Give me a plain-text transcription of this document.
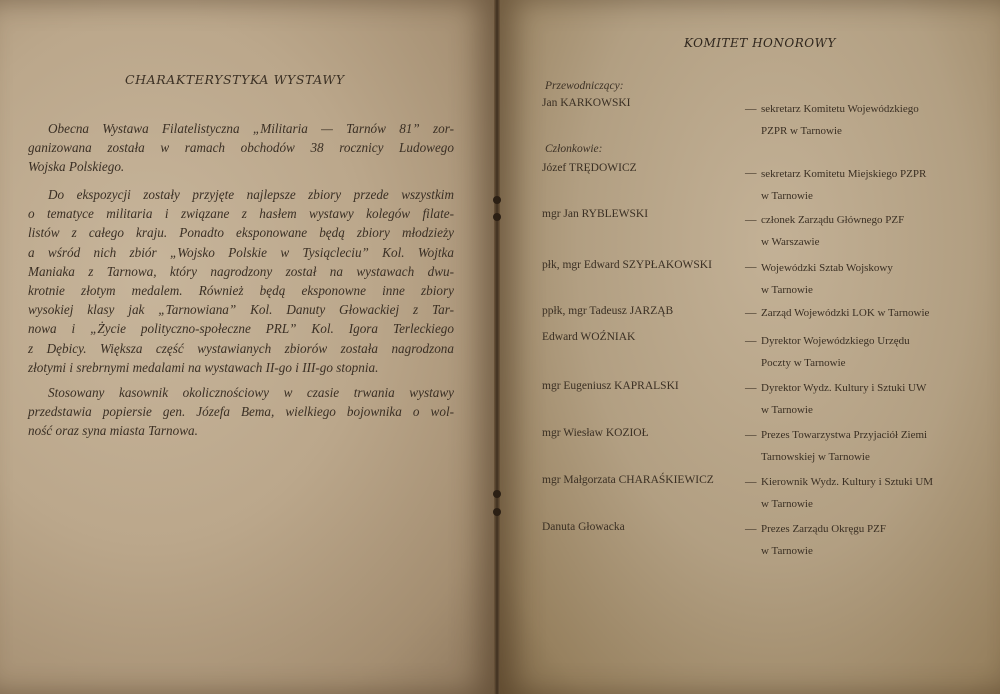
CHARAKTERYSTYKA WYSTAWY
Obecna Wystawa Filatelistyczna „Militaria — Tarnów 81” zor-
ganizowana została w ramach obchodów 38 rocznicy Ludowego
Wojska Polskiego.
Do ekspozycji zostały przyjęte najlepsze zbiory przede wszystkim
o tematyce militaria i związane z hasłem wystawy kolegów filate-
listów z całego kraju. Ponadto eksponowane będą zbiory młodzieży
a wśród nich zbiór „Wojsko Polskie w Tysiącleciu” Kol. Wojtka
Maniaka z Tarnowa, który nagrodzony został na wystawach dwu-
krotnie złotym medalem. Również będą eksponowne inne zbiory
wysokiej klasy jak „Tarnowiana” Kol. Danuty Głowackiej z Tar-
nowa i „Życie polityczno-społeczne PRL” Kol. Igora Terleckiego
z Dębicy. Większa część wystawianych zbiorów została nagrodzona
złotymi i srebrnymi medalami na wystawach II-go i III-go stopnia.
Stosowany kasownik okolicznościowy w czasie trwania wystawy
przedstawia popiersie gen. Józefa Bema, wielkiego bojownika o wol-
ność oraz syna miasta Tarnowa.
KOMITET HONOROWY
Przewodniczący:
Członkowie:
Jan KARKOWSKI	— sekretarz Komitetu Wojewódzkiego
PZPR w Tarnowie
Józef TRĘDOWICZ	— sekretarz Komitetu Miejskiego PZPR
w Tarnowie
mgr Jan RYBLEWSKI	— członek Zarządu Głównego PZF
w Warszawie
płk, mgr Edward SZYPŁAKOWSKI	— Wojewódzki Sztab Wojskowy
w Tarnowie
ppłk, mgr Tadeusz JARZĄB	— Zarząd Wojewódzki LOK w Tarnowie
Edward WOŹNIAK	— Dyrektor Wojewódzkiego Urzędu
Poczty w Tarnowie
mgr Eugeniusz KAPRALSKI	— Dyrektor Wydz. Kultury i Sztuki UW
w Tarnowie
mgr Wiesław KOZIOŁ	— Prezes Towarzystwa Przyjaciół Ziemi
Tarnowskiej w Tarnowie
mgr Małgorzata CHARAŚKIEWICZ	— Kierownik Wydz. Kultury i Sztuki UM
w Tarnowie
Danuta Głowacka	— Prezes Zarządu Okręgu PZF
w Tarnowie
